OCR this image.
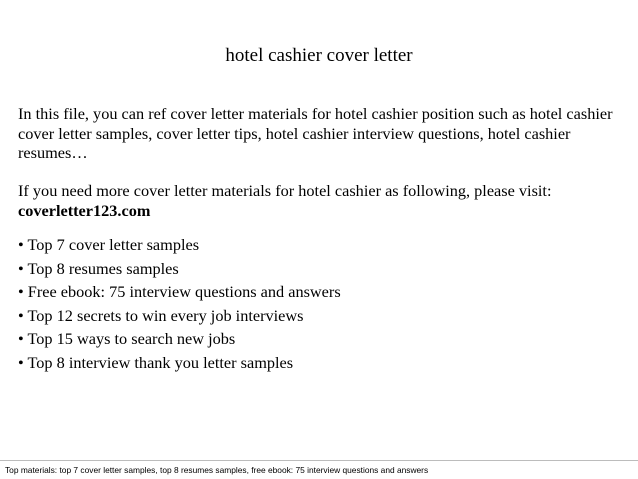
hotel cashier cover letter

In this file, you can ref cover letter materials for hotel cashier position such as hotel cashier cover letter samples, cover letter tips, hotel cashier interview questions, hotel cashier resumes…

If you need more cover letter materials for hotel cashier as following, please visit:
coverletter123.com

• Top 7 cover letter samples
• Top 8 resumes samples
• Free ebook: 75 interview questions and answers
• Top 12 secrets to win every job interviews
• Top 15 ways to search new jobs
• Top 8 interview thank you letter samples
Top materials: top 7 cover letter samples, top 8 resumes samples, free ebook: 75 interview questions and answers
